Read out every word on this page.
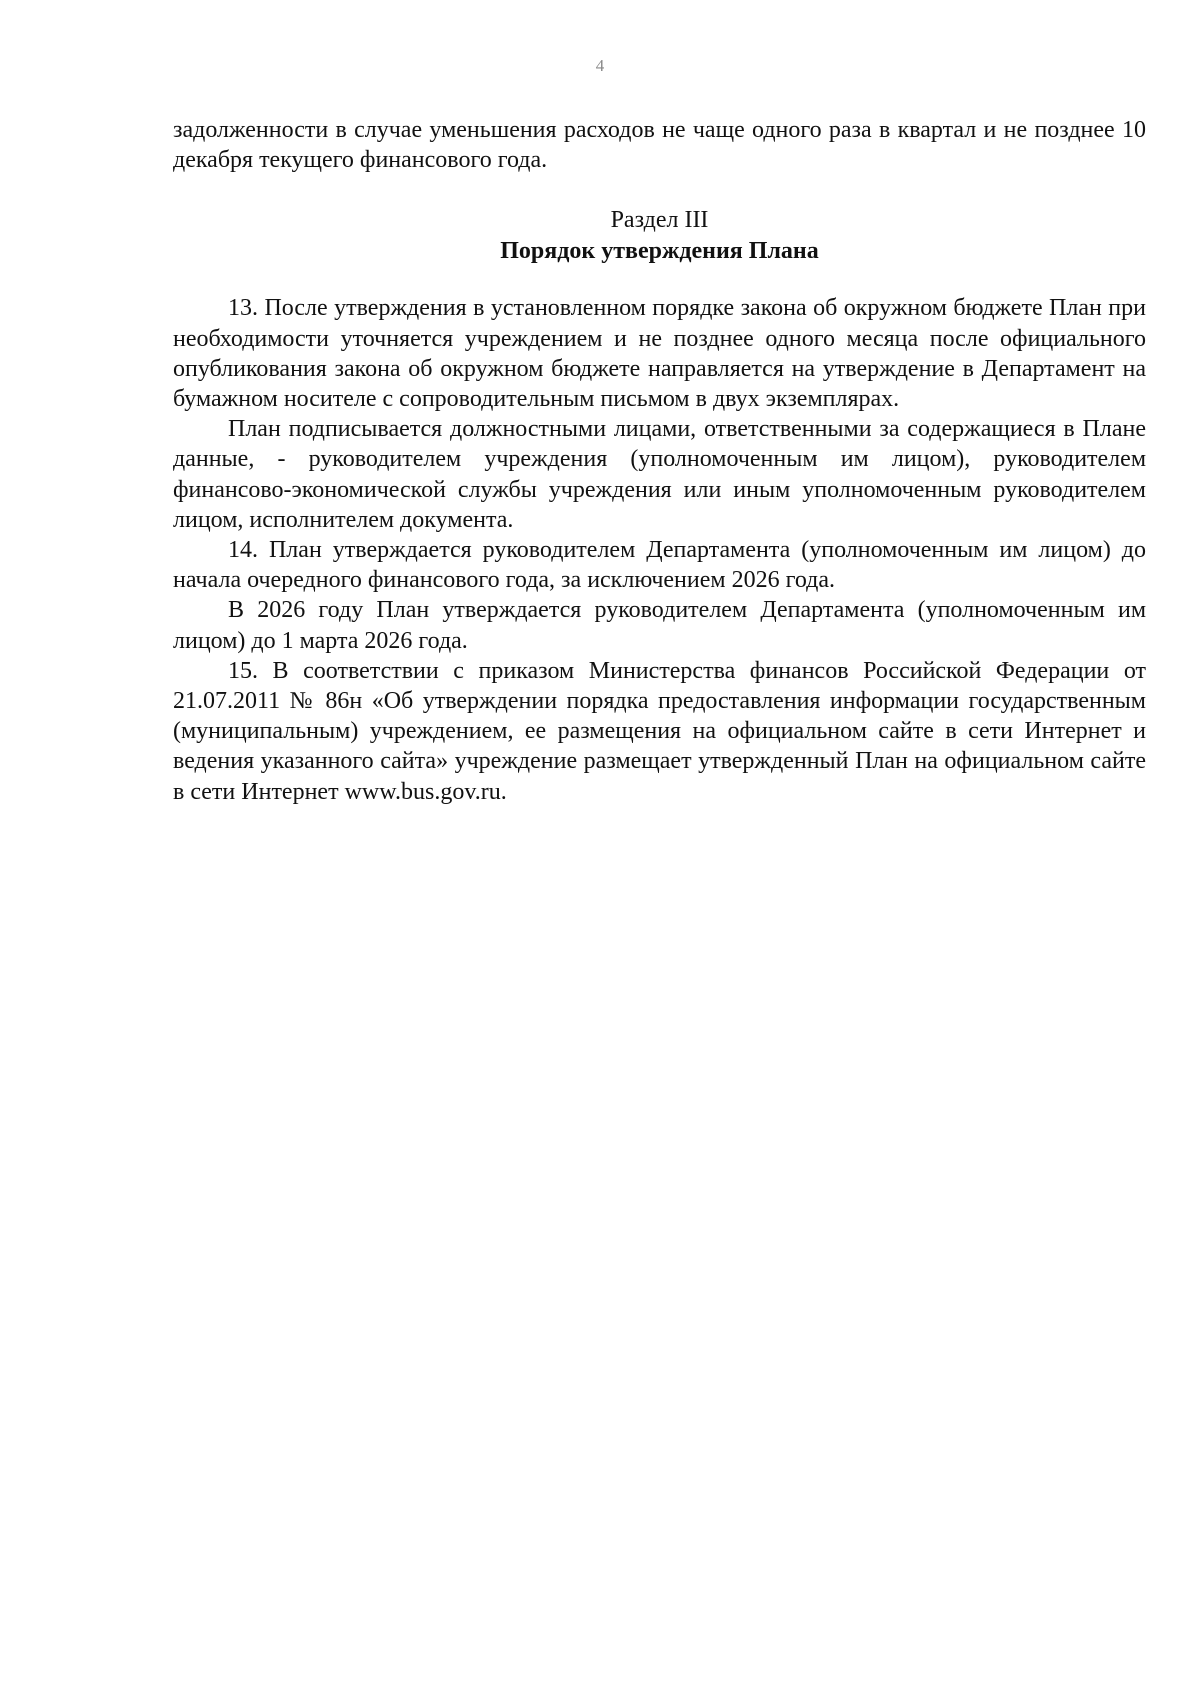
4

задолженности в случае уменьшения расходов не чаще одного раза в квартал и не позднее 10 декабря текущего финансового года.

Раздел III
Порядок утверждения Плана

13. После утверждения в установленном порядке закона об окружном бюджете План при необходимости уточняется учреждением и не позднее одного месяца после официального опубликования закона об окружном бюджете направляется на утверждение в Департамент на бумажном носителе с сопроводительным письмом в двух экземплярах.

План подписывается должностными лицами, ответственными за содержащиеся в Плане данные, - руководителем учреждения (уполномоченным им лицом), руководителем финансово-экономической службы учреждения или иным уполномоченным руководителем лицом, исполнителем документа.

14. План утверждается руководителем Департамента (уполномоченным им лицом) до начала очередного финансового года, за исключением 2026 года.

В 2026 году План утверждается руководителем Департамента (уполномоченным им лицом) до 1 марта 2026 года.

15. В соответствии с приказом Министерства финансов Российской Федерации от 21.07.2011 № 86н «Об утверждении порядка предоставления информации государственным (муниципальным) учреждением, ее размещения на официальном сайте в сети Интернет и ведения указанного сайта» учреждение размещает утвержденный План на официальном сайте в сети Интернет www.bus.gov.ru.
